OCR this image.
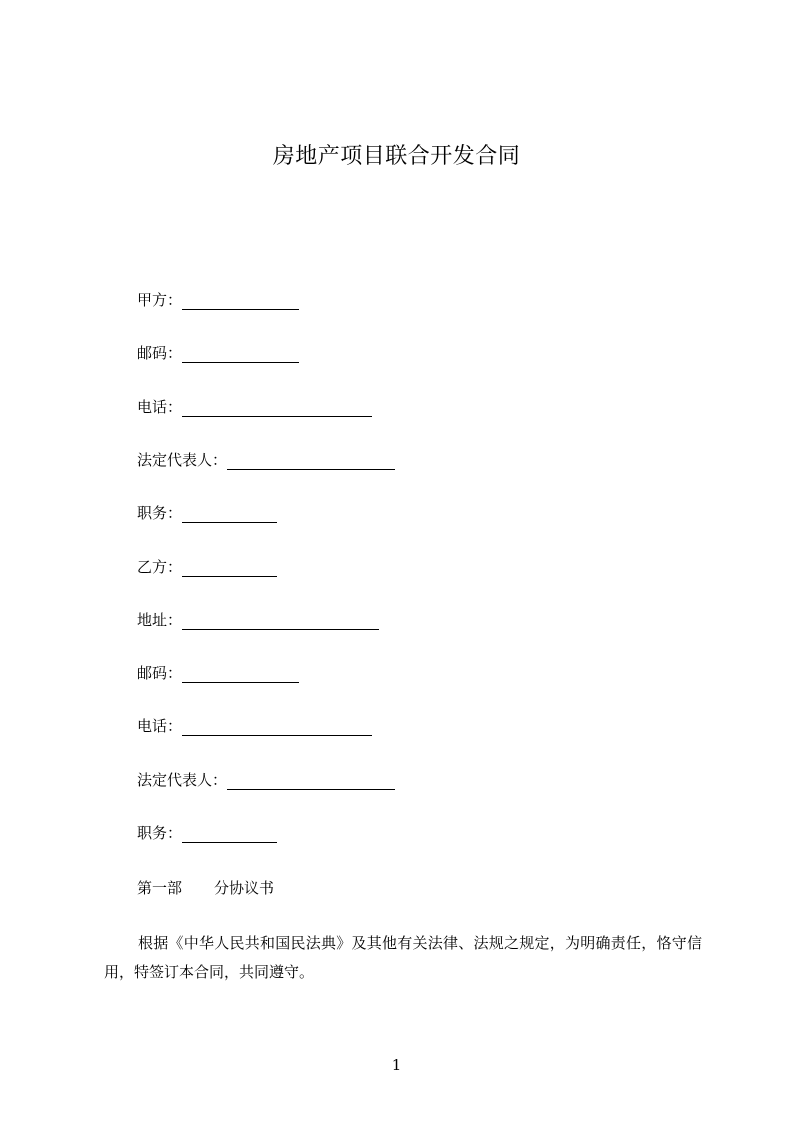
房地产项目联合开发合同
甲方：
邮码：
电话：
法定代表人：
职务：
乙方：
地址：
邮码：
电话：
法定代表人：
职务：
第一部 分协议书
根据《中华人民共和国民法典》及其他有关法律、法规之规定，为明确责任，恪守信用，特签订本合同，共同遵守。
1
